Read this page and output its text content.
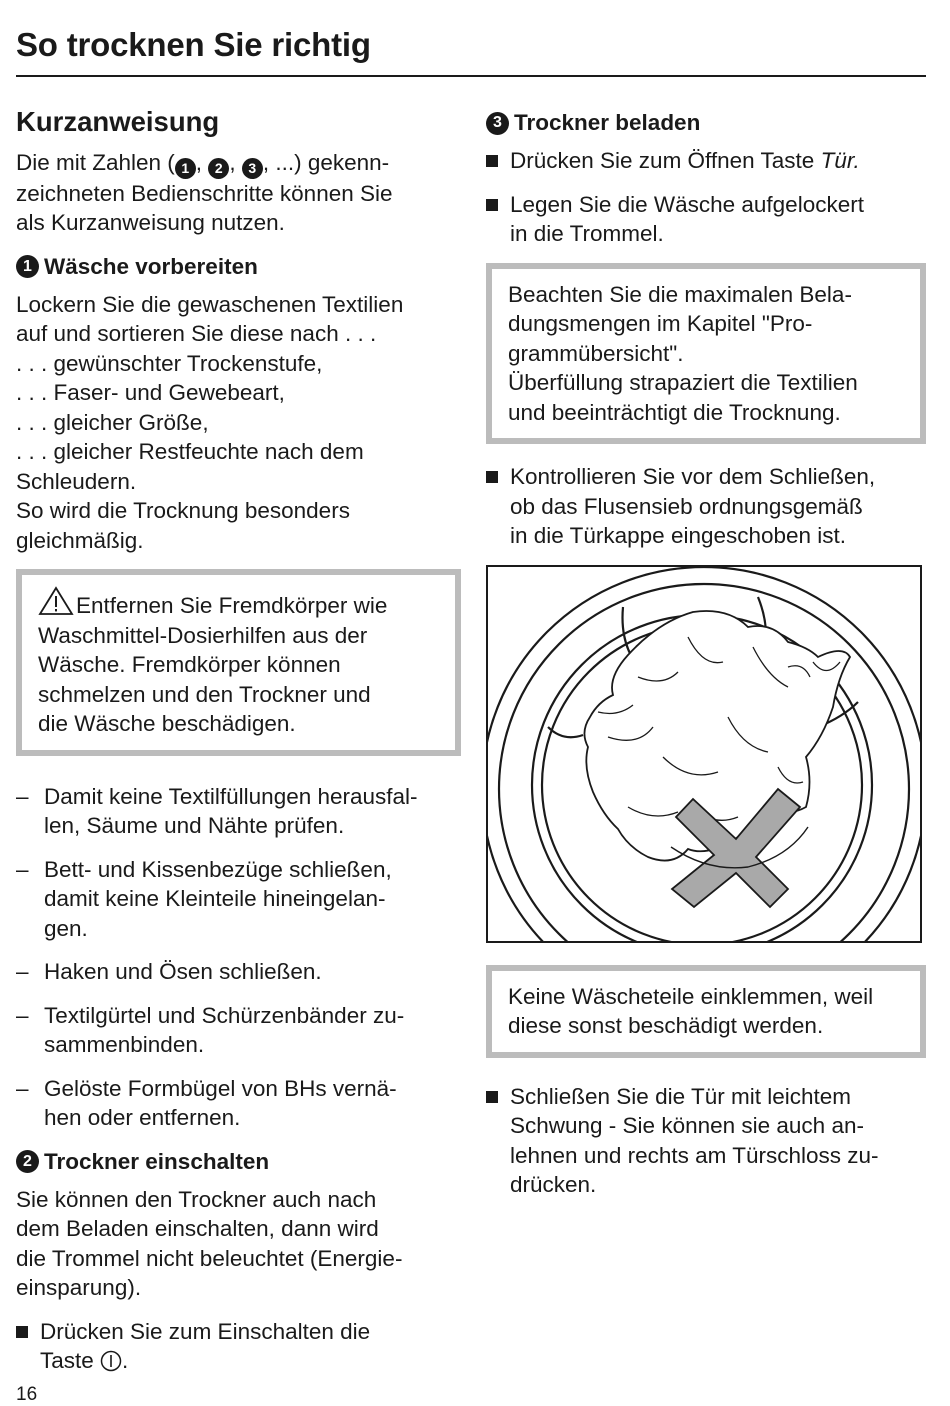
So trocknen Sie richtig
Kurzanweisung
Die mit Zahlen ( 1 , 2 , 3 , ...) gekenn-
zeichneten Bedienschritte können Sie
als Kurzanweisung nutzen.
1 Wäsche vorbereiten
Lockern Sie die gewaschenen Textilien
auf und sortieren Sie diese nach . . .
. . . gewünschter Trockenstufe,
. . . Faser- und Gewebeart,
. . . gleicher Größe,
. . . gleicher Restfeuchte nach dem
Schleudern.
So wird die Trocknung besonders
gleichmäßig.
Entfernen Sie Fremdkörper wie
Waschmittel-Dosierhilfen aus der
Wäsche. Fremdkörper können
schmelzen und den Trockner und
die Wäsche beschädigen.
– Damit keine Textilfüllungen herausfal-
len, Säume und Nähte prüfen.
– Bett- und Kissenbezüge schließen,
damit keine Kleinteile hineingelan-
gen.
– Haken und Ösen schließen.
– Textilgürtel und Schürzenbänder zu-
sammenbinden.
– Gelöste Formbügel von BHs vernä-
hen oder entfernen.
2 Trockner einschalten
Sie können den Trockner auch nach
dem Beladen einschalten, dann wird
die Trommel nicht beleuchtet (Energie-
einsparung).
Drücken Sie zum Einschalten die
Taste .
3 Trockner beladen
Drücken Sie zum Öffnen Taste Tür.
Legen Sie die Wäsche aufgelockert
in die Trommel.
Beachten Sie die maximalen Bela-
dungsmengen im Kapitel "Pro-
grammübersicht".
Überfüllung strapaziert die Textilien
und beeinträchtigt die Trocknung.
Kontrollieren Sie vor dem Schließen,
ob das Flusensieb ordnungsgemäß
in die Türkappe eingeschoben ist.
Keine Wäscheteile einklemmen, weil
diese sonst beschädigt werden.
Schließen Sie die Tür mit leichtem
Schwung - Sie können sie auch an-
lehnen und rechts am Türschloss zu-
drücken.
16
